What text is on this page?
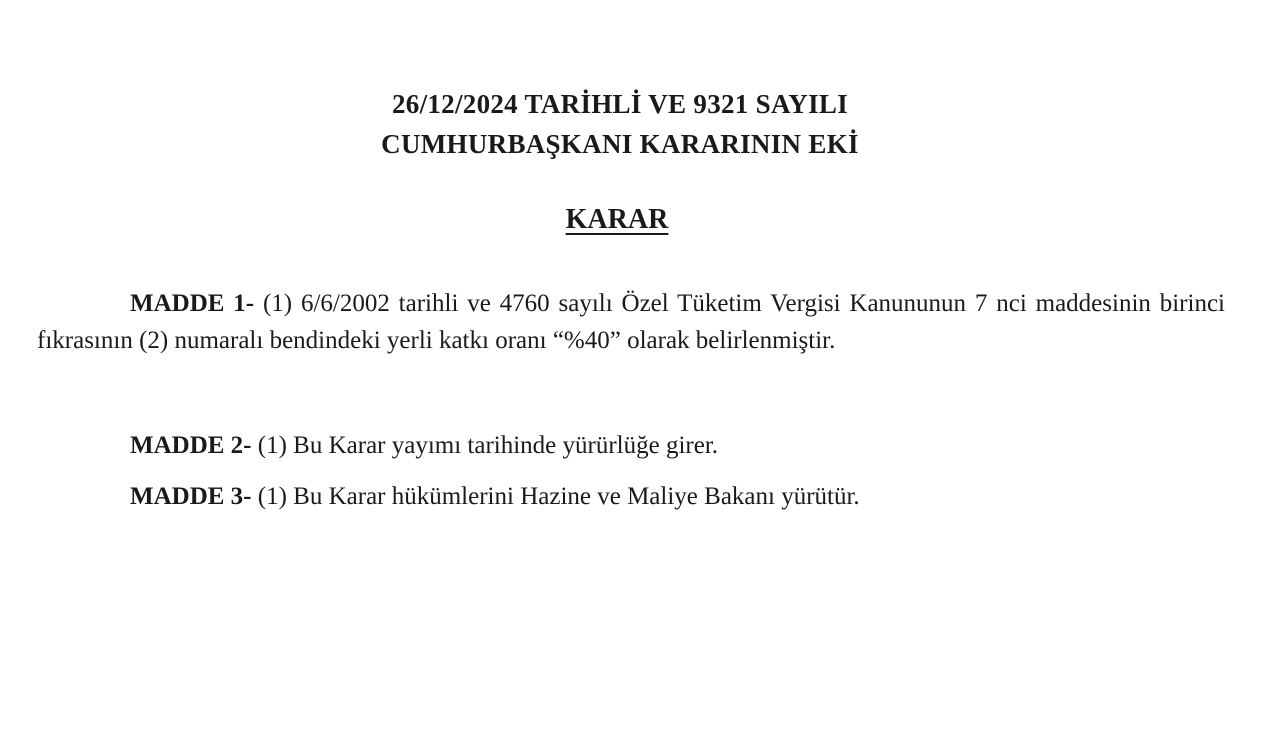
26/12/2024 TARİHLİ VE 9321 SAYILI
CUMHURBAŞKANI KARARININ EKİ
KARAR
MADDE 1- (1) 6/6/2002 tarihli ve 4760 sayılı Özel Tüketim Vergisi Kanununun 7 nci maddesinin birinci fıkrasının (2) numaralı bendindeki yerli katkı oranı “%40” olarak belirlenmiştir.
MADDE 2- (1) Bu Karar yayımı tarihinde yürürlüğe girer.
MADDE 3- (1) Bu Karar hükümlerini Hazine ve Maliye Bakanı yürütür.
